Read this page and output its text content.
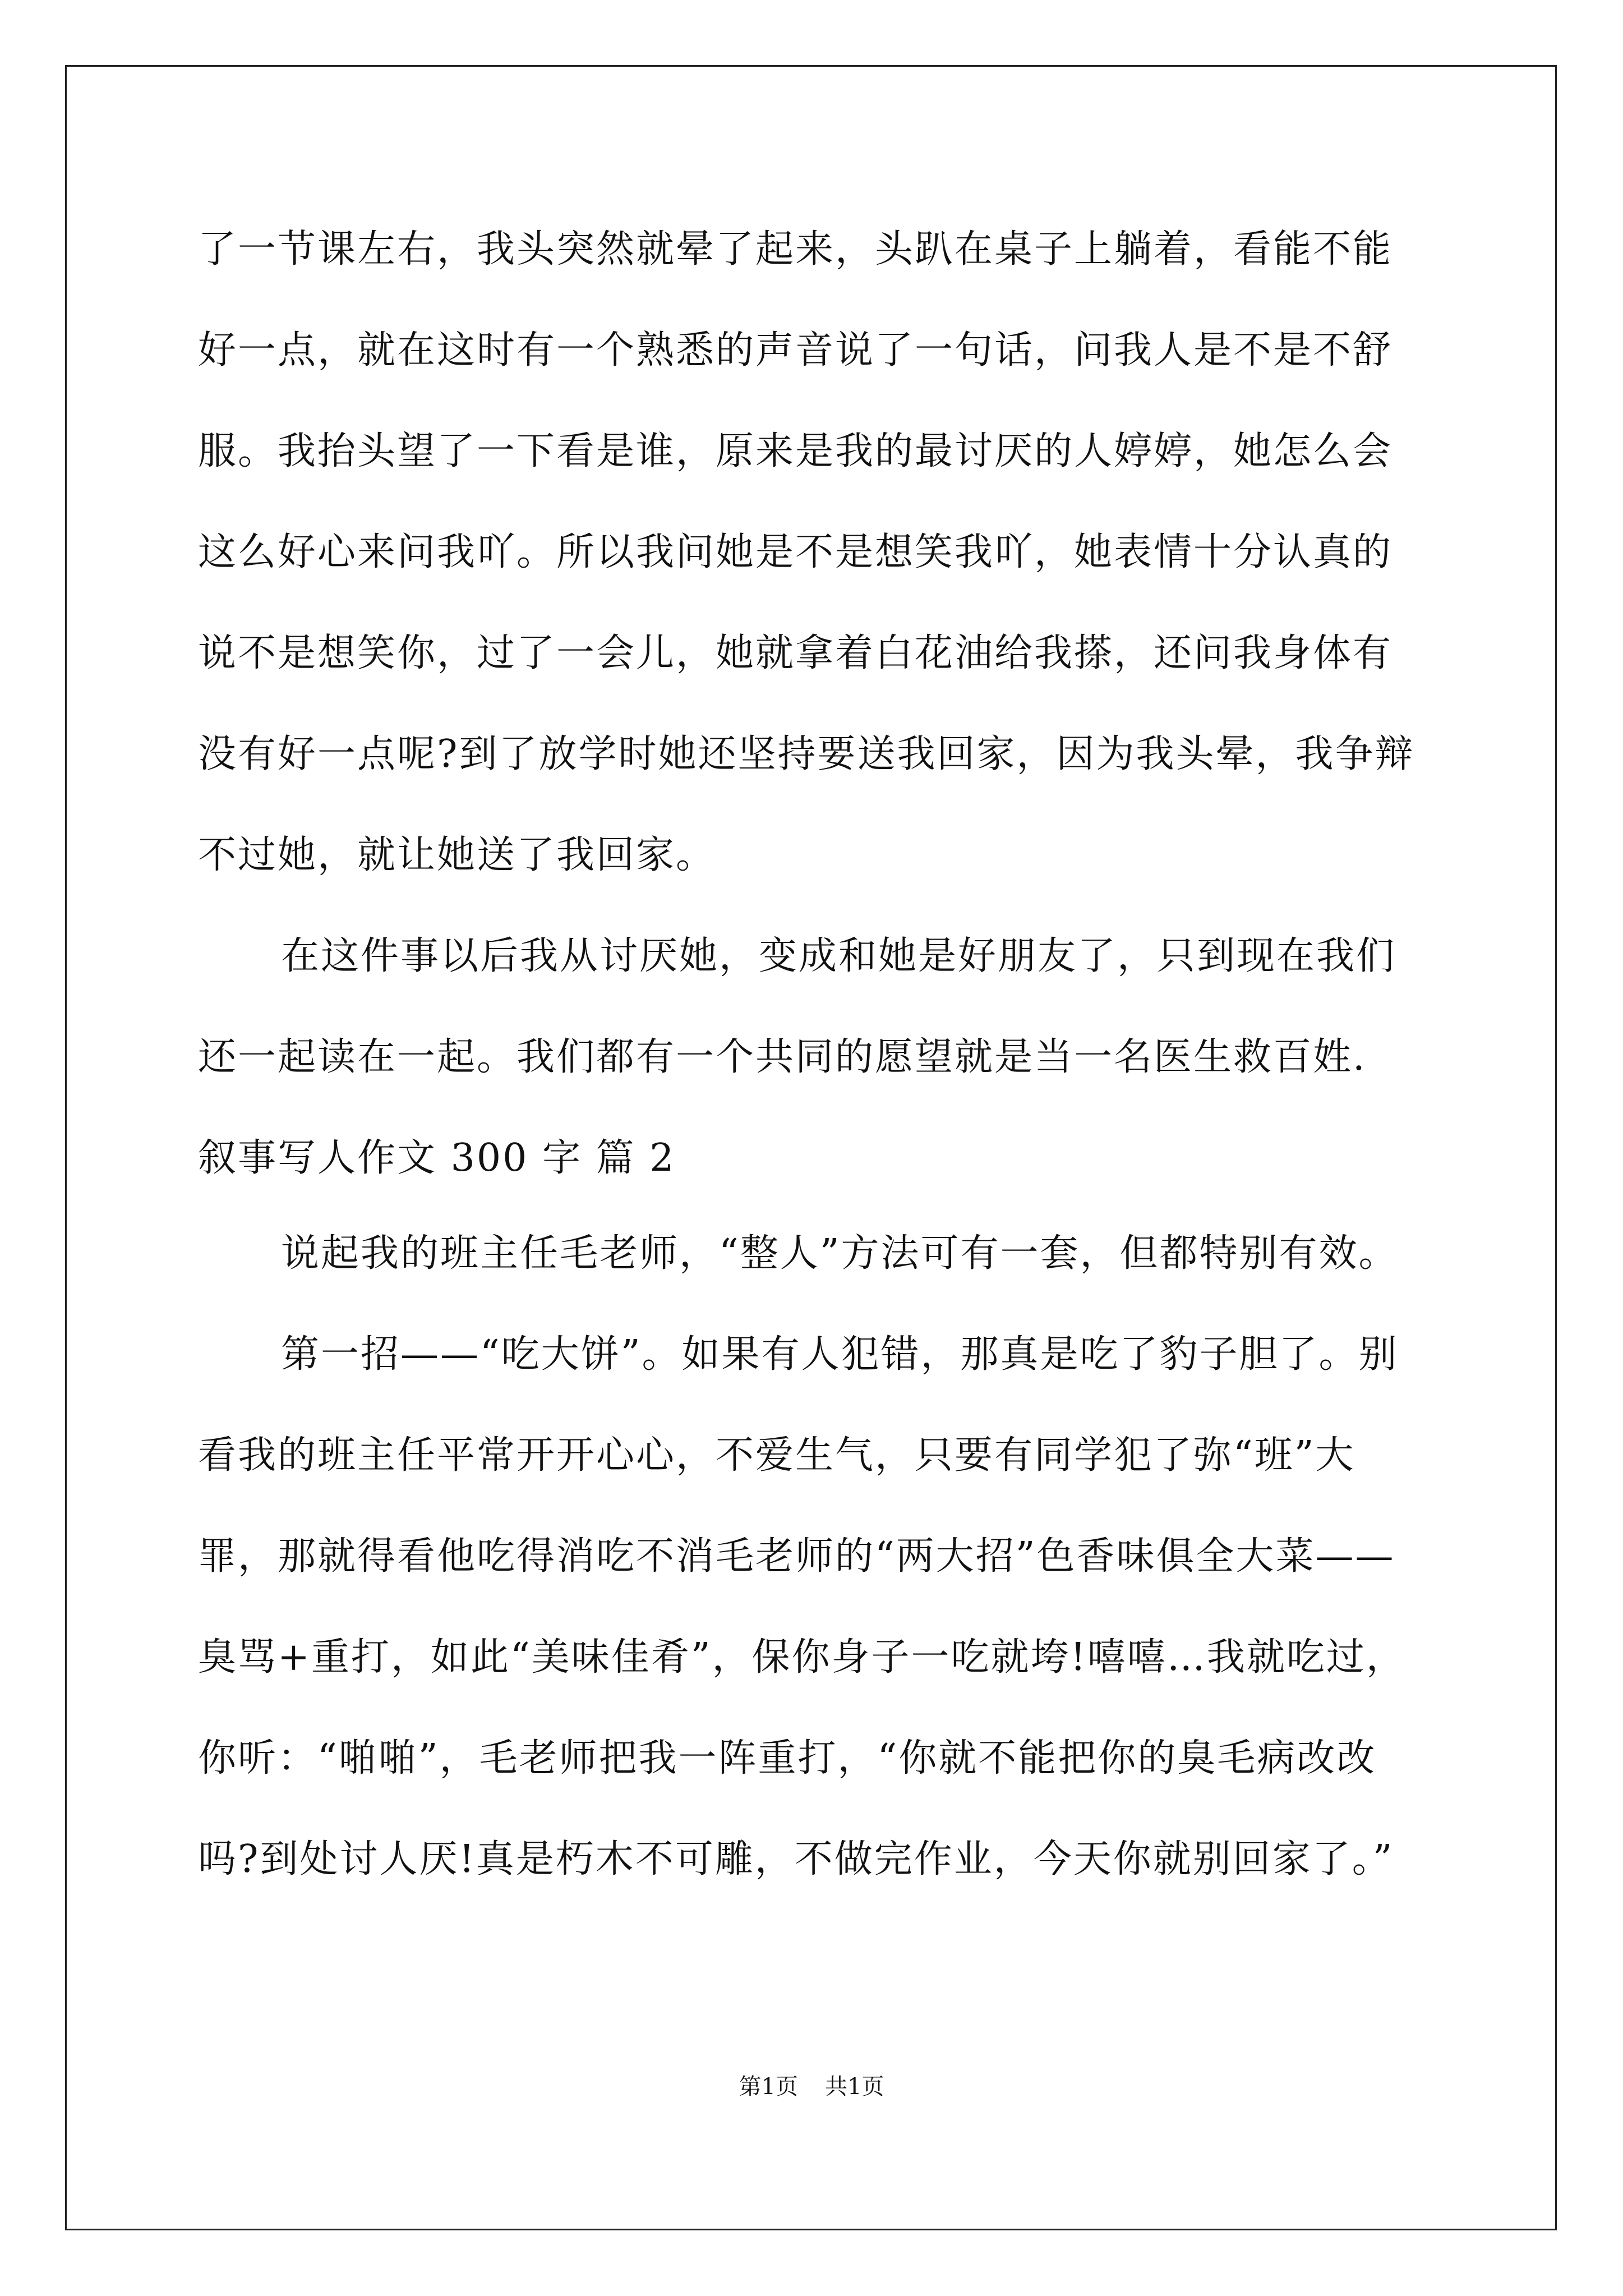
了一节课左右，我头突然就晕了起来，头趴在桌子上躺着，看能不能
好一点，就在这时有一个熟悉的声音说了一句话，问我人是不是不舒
服。我抬头望了一下看是谁，原来是我的最讨厌的人婷婷，她怎么会
这么好心来问我吖。所以我问她是不是想笑我吖，她表情十分认真的
说不是想笑你，过了一会儿，她就拿着白花油给我搽，还问我身体有
没有好一点呢?到了放学时她还坚持要送我回家，因为我头晕，我争辩
不过她，就让她送了我回家。
在这件事以后我从讨厌她，变成和她是好朋友了，只到现在我们
还一起读在一起。我们都有一个共同的愿望就是当一名医生救百姓.
叙事写人作文 300 字 篇 2
说起我的班主任毛老师，“整人”方法可有一套，但都特别有效。
第一招——“吃大饼”。如果有人犯错，那真是吃了豹子胆了。别
看我的班主任平常开开心心，不爱生气，只要有同学犯了弥“班”大
罪，那就得看他吃得消吃不消毛老师的“两大招”色香味俱全大菜——
臭骂+重打，如此“美味佳肴”，保你身子一吃就垮!嘻嘻…我就吃过，
你听：“啪啪”，毛老师把我一阵重打，“你就不能把你的臭毛病改改
吗?到处讨人厌!真是朽木不可雕，不做完作业，今天你就别回家了。”
第1页 共1页
